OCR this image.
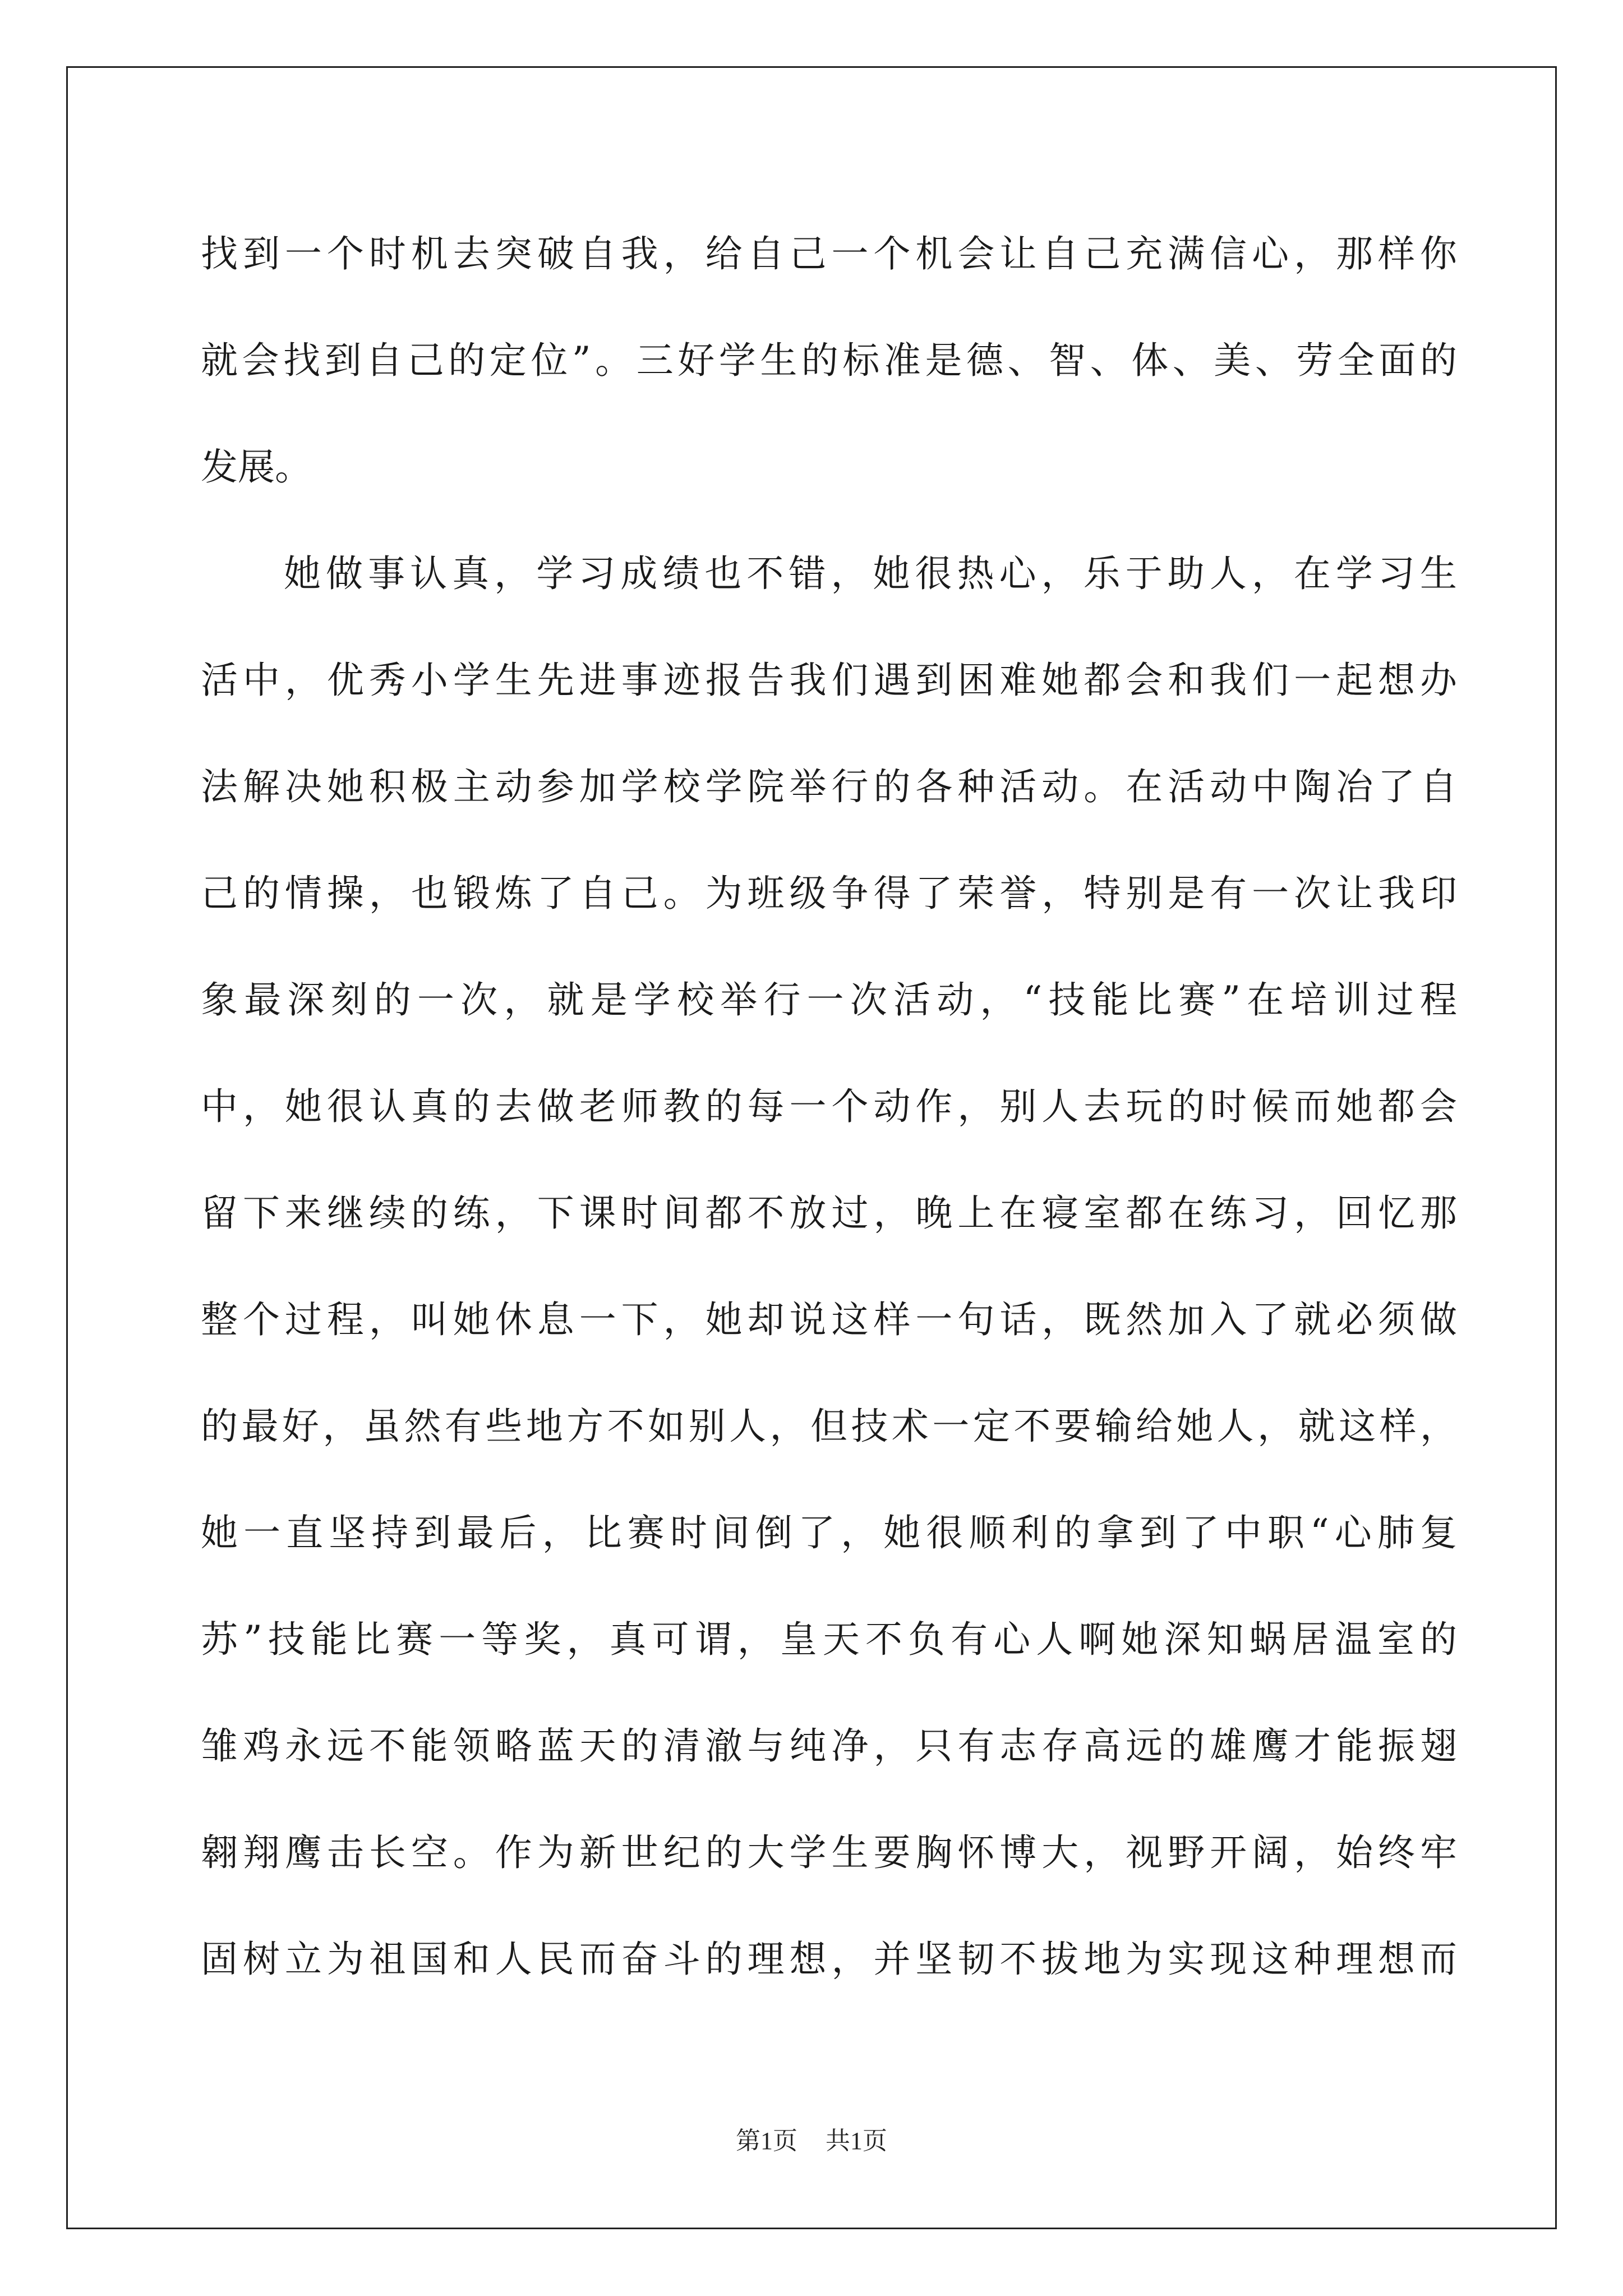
找到一个时机去突破自我，给自己一个机会让自己充满信心，那样你
就会找到自己的定位”。三好学生的标准是德、智、体、美、劳全面的
发展。
她做事认真，学习成绩也不错，她很热心，乐于助人，在学习生
活中，优秀小学生先进事迹报告我们遇到困难她都会和我们一起想办
法解决她积极主动参加学校学院举行的各种活动。在活动中陶冶了自
己的情操，也锻炼了自己。为班级争得了荣誉，特别是有一次让我印
象最深刻的一次，就是学校举行一次活动，“技能比赛”在培训过程
中，她很认真的去做老师教的每一个动作，别人去玩的时候而她都会
留下来继续的练，下课时间都不放过，晚上在寝室都在练习，回忆那
整个过程，叫她休息一下，她却说这样一句话，既然加入了就必须做
的最好，虽然有些地方不如别人，但技术一定不要输给她人，就这样，
她一直坚持到最后，比赛时间倒了，她很顺利的拿到了中职“心肺复
苏”技能比赛一等奖，真可谓，皇天不负有心人啊她深知蜗居温室的
雏鸡永远不能领略蓝天的清澈与纯净，只有志存高远的雄鹰才能振翅
翱翔鹰击长空。作为新世纪的大学生要胸怀博大，视野开阔，始终牢
固树立为祖国和人民而奋斗的理想，并坚韧不拔地为实现这种理想而
第1页 共1页
